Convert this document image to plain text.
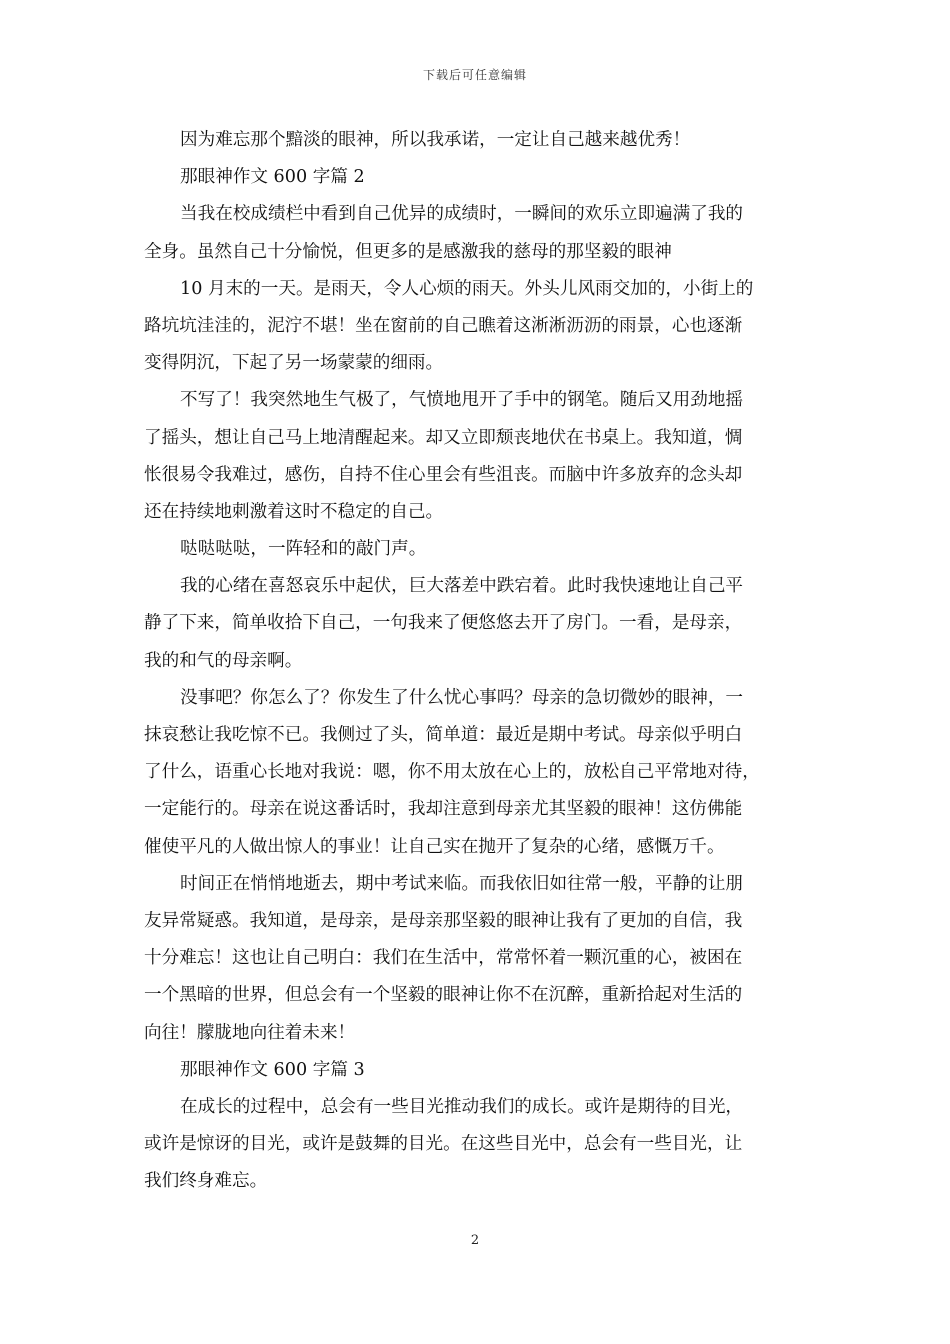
下载后可任意编辑
因为难忘那个黯淡的眼神，所以我承诺，一定让自己越来越优秀！
那眼神作文 600 字篇 2
当我在校成绩栏中看到自己优异的成绩时，一瞬间的欢乐立即遍满了我的
全身。虽然自己十分愉悦，但更多的是感激我的慈母的那坚毅的眼神
10 月末的一天。是雨天，令人心烦的雨天。外头儿风雨交加的，小街上的
路坑坑洼洼的，泥泞不堪！坐在窗前的自己瞧着这淅淅沥沥的雨景，心也逐渐
变得阴沉，下起了另一场蒙蒙的细雨。
不写了！我突然地生气极了，气愤地甩开了手中的钢笔。随后又用劲地摇
了摇头，想让自己马上地清醒起来。却又立即颓丧地伏在书桌上。我知道，惆
怅很易令我难过，感伤，自持不住心里会有些沮丧。而脑中许多放弃的念头却
还在持续地刺激着这时不稳定的自己。
哒哒哒哒，一阵轻和的敲门声。
我的心绪在喜怒哀乐中起伏，巨大落差中跌宕着。此时我快速地让自己平
静了下来，简单收拾下自己，一句我来了便悠悠去开了房门。一看，是母亲，
我的和气的母亲啊。
没事吧？你怎么了？你发生了什么忧心事吗？母亲的急切微妙的眼神，一
抹哀愁让我吃惊不已。我侧过了头，简单道：最近是期中考试。母亲似乎明白
了什么，语重心长地对我说：嗯，你不用太放在心上的，放松自己平常地对待，
一定能行的。母亲在说这番话时，我却注意到母亲尤其坚毅的眼神！这仿佛能
催使平凡的人做出惊人的事业！让自己实在抛开了复杂的心绪，感慨万千。
时间正在悄悄地逝去，期中考试来临。而我依旧如往常一般，平静的让朋
友异常疑惑。我知道，是母亲，是母亲那坚毅的眼神让我有了更加的自信，我
十分难忘！这也让自己明白：我们在生活中，常常怀着一颗沉重的心，被困在
一个黑暗的世界，但总会有一个坚毅的眼神让你不在沉醉，重新拾起对生活的
向往！朦胧地向往着未来！
那眼神作文 600 字篇 3
在成长的过程中，总会有一些目光推动我们的成长。或许是期待的目光，
或许是惊讶的目光，或许是鼓舞的目光。在这些目光中，总会有一些目光，让
我们终身难忘。
2
